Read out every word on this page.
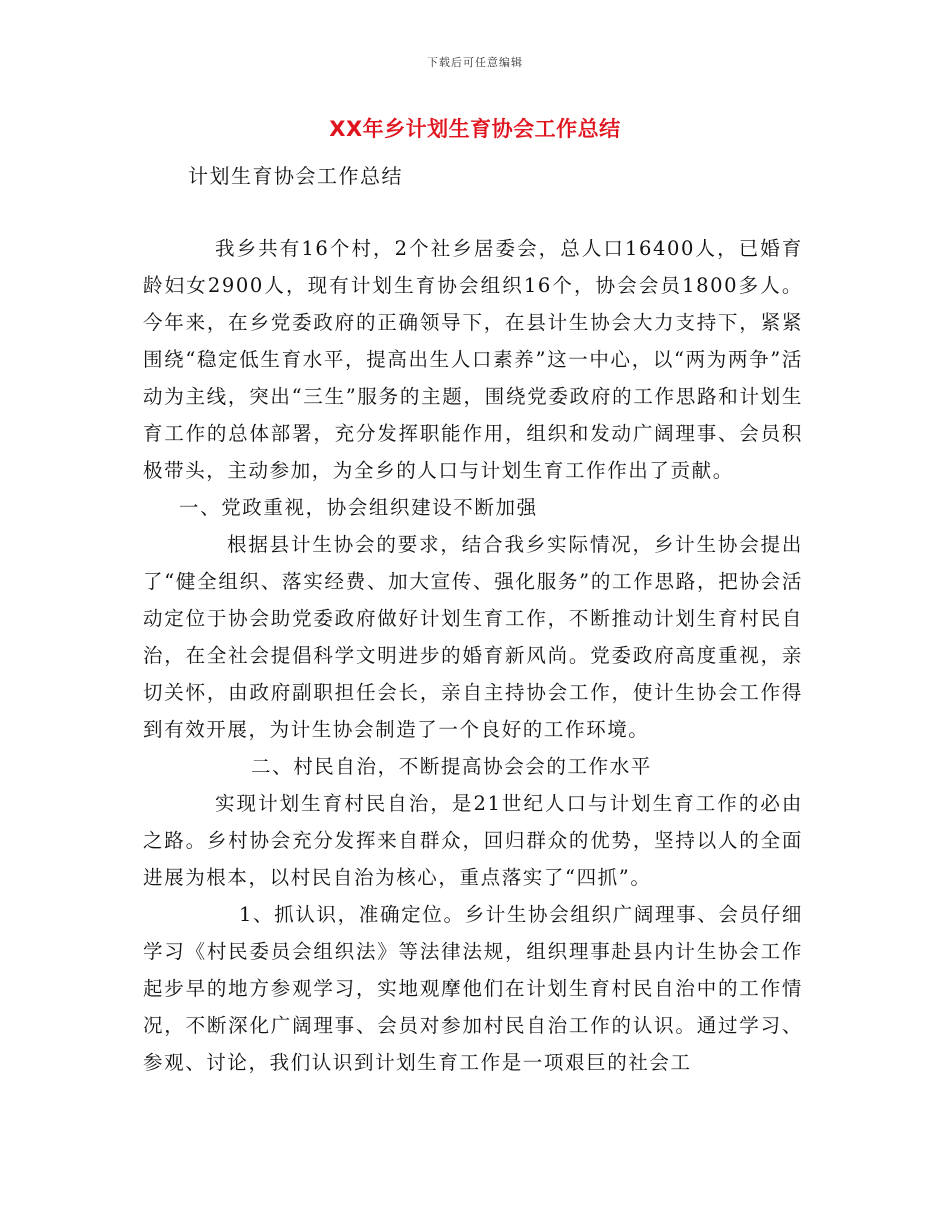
下载后可任意编辑
XX年乡计划生育协会工作总结
计划生育协会工作总结

我乡共有16个村，2个社乡居委会，总人口16400人，已婚育龄妇女2900人，现有计划生育协会组织16个，协会会员1800多人。今年来，在乡党委政府的正确领导下，在县计生协会大力支持下，紧紧围绕“稳定低生育水平，提高出生人口素养”这一中心，以“两为两争”活动为主线，突出“三生”服务的主题，围绕党委政府的工作思路和计划生育工作的总体部署，充分发挥职能作用，组织和发动广阔理事、会员积极带头，主动参加，为全乡的人口与计划生育工作作出了贡献。

一、党政重视，协会组织建设不断加强

根据县计生协会的要求，结合我乡实际情况，乡计生协会提出了“健全组织、落实经费、加大宣传、强化服务”的工作思路，把协会活动定位于协会助党委政府做好计划生育工作，不断推动计划生育村民自治，在全社会提倡科学文明进步的婚育新风尚。党委政府高度重视，亲切关怀，由政府副职担任会长，亲自主持协会工作，使计生协会工作得到有效开展，为计生协会制造了一个良好的工作环境。

二、村民自治，不断提高协会会的工作水平

实现计划生育村民自治，是21世纪人口与计划生育工作的必由之路。乡村协会充分发挥来自群众，回归群众的优势，坚持以人的全面进展为根本，以村民自治为核心，重点落实了“四抓”。

1、抓认识，准确定位。乡计生协会组织广阔理事、会员仔细学习《村民委员会组织法》等法律法规，组织理事赴县内计生协会工作起步早的地方参观学习，实地观摩他们在计划生育村民自治中的工作情况，不断深化广阔理事、会员对参加村民自治工作的认识。通过学习、参观、讨论，我们认识到计划生育工作是一项艰巨的社会工
